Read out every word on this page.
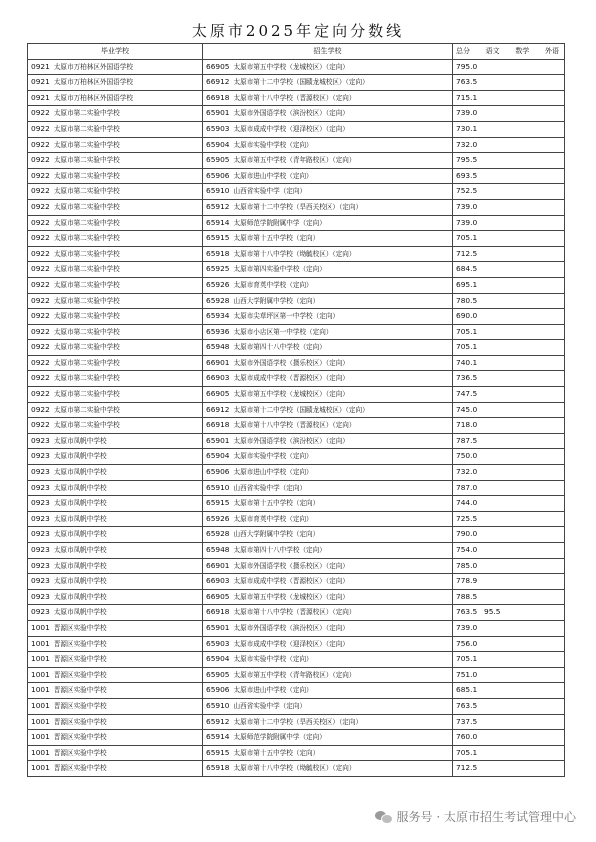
太原市2025年定向分数线
毕业学校	招生学校	总分 语文 数学 外语

0921 太原市万柏林区外国语学校	66905 太原市第五中学校（龙城校区）（定向）	795.0

0921 太原市万柏林区外国语学校	66912 太原市第十二中学校（国赜龙城校区）（定向）	763.5

0921 太原市万柏林区外国语学校	66918 太原市第十八中学校（晋源校区）（定向）	715.1

0922 太原市第二实验中学校	65901 太原市外国语学校（滨汾校区）（定向）	739.0

0922 太原市第二实验中学校	65903 太原市成成中学校（迎泽校区）（定向）	730.1

0922 太原市第二实验中学校	65904 太原市实验中学校（定向）	732.0

0922 太原市第二实验中学校	65905 太原市第五中学校（青年路校区）（定向）	795.5

0922 太原市第二实验中学校	65906 太原市进山中学校（定向）	693.5

0922 太原市第二实验中学校	65910 山西省实验中学（定向）	752.5

0922 太原市第二实验中学校	65912 太原市第十二中学校（旱西关校区）（定向）	739.0

0922 太原市第二实验中学校	65914 太原师范学院附属中学（定向）	739.0

0922 太原市第二实验中学校	65915 太原市第十五中学校（定向）	705.1

0922 太原市第二实验中学校	65918 太原市第十八中学校（坳毓校区）（定向）	712.5

0922 太原市第二实验中学校	65925 太原市第四实验中学校（定向）	684.5

0922 太原市第二实验中学校	65926 太原市育英中学校（定向）	695.1

0922 太原市第二实验中学校	65928 山西大学附属中学校（定向）	780.5

0922 太原市第二实验中学校	65934 太原市尖草坪区第一中学校（定向）	690.0

0922 太原市第二实验中学校	65936 太原市小店区第一中学校（定向）	705.1

0922 太原市第二实验中学校	65948 太原市第四十八中学校（定向）	705.1

0922 太原市第二实验中学校	66901 太原市外国语学校（摄乐校区）（定向）	740.1

0922 太原市第二实验中学校	66903 太原市成成中学校（晋源校区）（定向）	736.5

0922 太原市第二实验中学校	66905 太原市第五中学校（龙城校区）（定向）	747.5

0922 太原市第二实验中学校	66912 太原市第十二中学校（国赜龙城校区）（定向）	745.0

0922 太原市第二实验中学校	66918 太原市第十八中学校（晋源校区）（定向）	718.0

0923 太原市凤帆中学校	65901 太原市外国语学校（滨汾校区）（定向）	787.5

0923 太原市凤帆中学校	65904 太原市实验中学校（定向）	750.0

0923 太原市凤帆中学校	65906 太原市进山中学校（定向）	732.0

0923 太原市凤帆中学校	65910 山西省实验中学（定向）	787.0

0923 太原市凤帆中学校	65915 太原市第十五中学校（定向）	744.0

0923 太原市凤帆中学校	65926 太原市育英中学校（定向）	725.5

0923 太原市凤帆中学校	65928 山西大学附属中学校（定向）	790.0

0923 太原市凤帆中学校	65948 太原市第四十八中学校（定向）	754.0

0923 太原市凤帆中学校	66901 太原市外国语学校（摄乐校区）（定向）	785.0

0923 太原市凤帆中学校	66903 太原市成成中学校（晋源校区）（定向）	778.9

0923 太原市凤帆中学校	66905 太原市第五中学校（龙城校区）（定向）	788.5

0923 太原市凤帆中学校	66918 太原市第十八中学校（晋源校区）（定向）	763.5 95.5

1001 晋源区实验中学校	65901 太原市外国语学校（滨汾校区）（定向）	739.0

1001 晋源区实验中学校	65903 太原市成成中学校（迎泽校区）（定向）	756.0

1001 晋源区实验中学校	65904 太原市实验中学校（定向）	705.1

1001 晋源区实验中学校	65905 太原市第五中学校（青年路校区）（定向）	751.0

1001 晋源区实验中学校	65906 太原市进山中学校（定向）	685.1

1001 晋源区实验中学校	65910 山西省实验中学（定向）	763.5

1001 晋源区实验中学校	65912 太原市第十二中学校（旱西关校区）（定向）	737.5

1001 晋源区实验中学校	65914 太原师范学院附属中学（定向）	760.0

1001 晋源区实验中学校	65915 太原市第十五中学校（定向）	705.1

1001 晋源区实验中学校	65918 太原市第十八中学校（坳毓校区）（定向）	712.5
服务号 · 太原市招生考试管理中心
